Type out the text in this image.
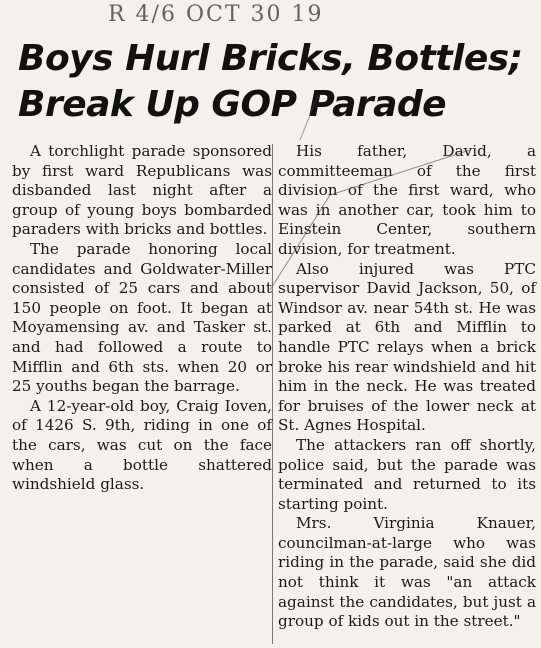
R 4/6 OCT 30 19
Boys Hurl Bricks, Bottles;
Break Up GOP Parade

A torchlight parade sponsored by first ward Republicans was disbanded last night after a group of young boys bombarded paraders with bricks and bottles.

The parade honoring local candidates and Goldwater-Miller consisted of 25 cars and about 150 people on foot. It began at Moyamensing av. and Tasker st. and had followed a route to Mifflin and 6th sts. when 20 or 25 youths began the barrage.

A 12-year-old boy, Craig Ioven, of 1426 S. 9th, riding in one of the cars, was cut on the face when a bottle shattered windshield glass.

His father, David, a committeeman of the first division of the first ward, who was in another car, took him to Einstein Center, southern division, for treatment.

Also injured was PTC supervisor David Jackson, 50, of Windsor av. near 54th st. He was parked at 6th and Mifflin to handle PTC relays when a brick broke his rear windshield and hit him in the neck. He was treated for bruises of the lower neck at St. Agnes Hospital.

The attackers ran off shortly, police said, but the parade was terminated and returned to its starting point.

Mrs. Virginia Knauer, councilman-at-large who was riding in the parade, said she did not think it was "an attack against the candidates, but just a group of kids out in the street."
